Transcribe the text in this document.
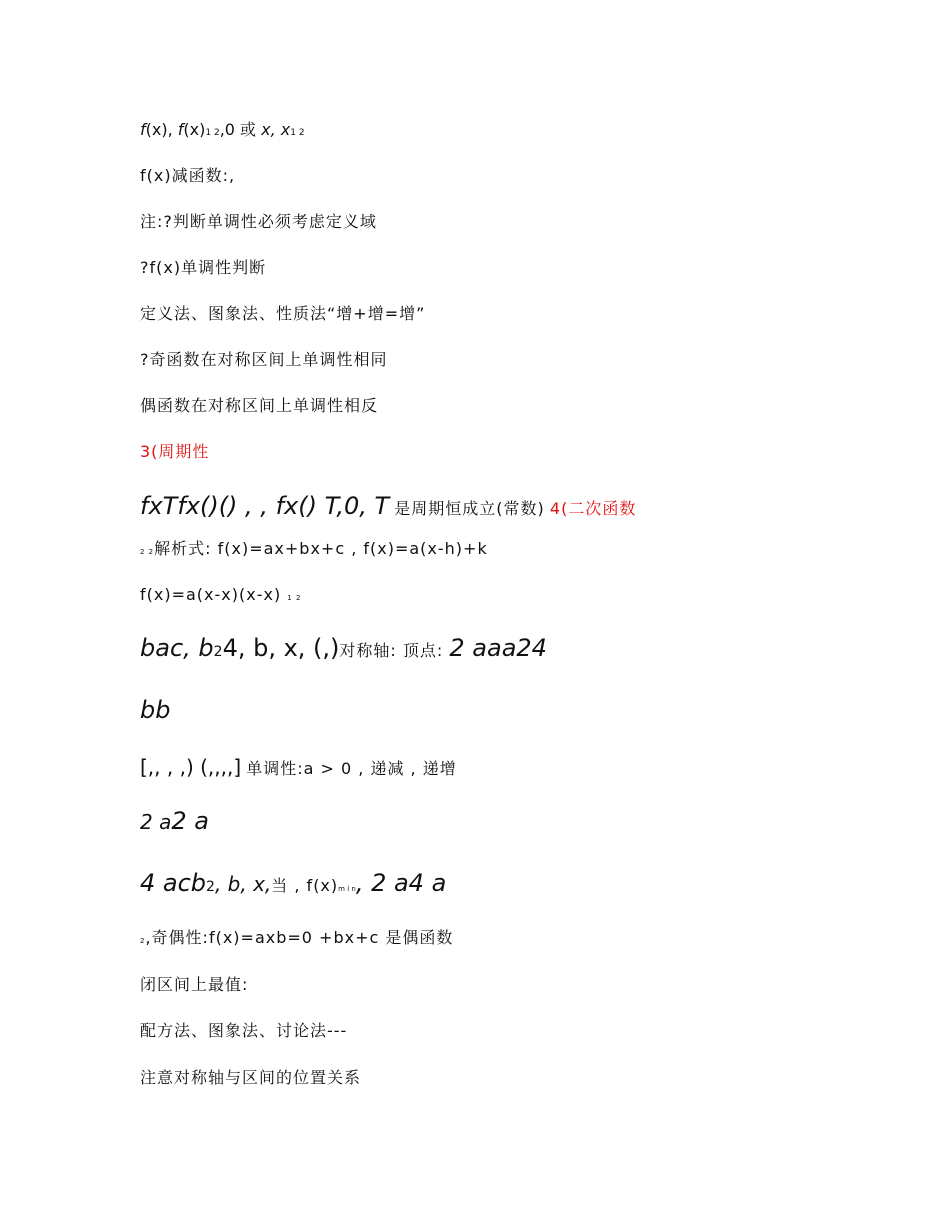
f(x), f(x)1 2,0 或 x, x1 2
f(x)减函数:,
注:?判断单调性必须考虑定义域
?f(x)单调性判断
定义法、图象法、性质法“增+增=增”
?奇函数在对称区间上单调性相同
偶函数在对称区间上单调性相反
3(周期性
fxTfx()() , , fx() T,0, T 是周期恒成立(常数) 4(二次函数
2 2解析式: f(x)=ax+bx+c , f(x)=a(x-h)+k
f(x)=a(x-x)(x-x) 1 2
bac, b24, b, x, (,)对称轴: 顶点: 2 aaa24
bb
[,, , ,) (,,,,] 单调性:a > 0 , 递减 , 递增
2 a2 a
4 acb2, b, x,当 , f(x)m i n, 2 a4 a
2,奇偶性:f(x)=axb=0 +bx+c 是偶函数
闭区间上最值:
配方法、图象法、讨论法---
注意对称轴与区间的位置关系
